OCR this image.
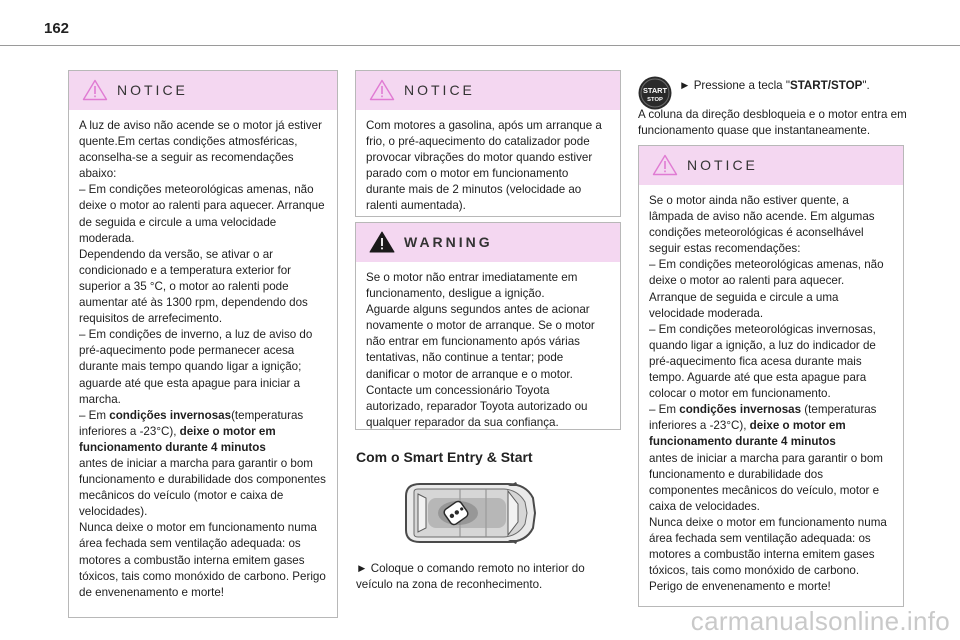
162
NOTICE

A luz de aviso não acende se o motor já estiver quente.Em certas condições atmosféricas, aconselha-se a seguir as recomendações abaixo:

– Em condições meteorológicas amenas, não deixe o motor ao ralenti para aquecer. Arranque de seguida e circule a uma velocidade moderada.

Dependendo da versão, se ativar o ar condicionado e a temperatura exterior for superior a 35 °C, o motor ao ralenti pode aumentar até às 1300 rpm, dependendo dos requisitos de arrefecimento.

– Em condições de inverno, a luz de aviso do pré-aquecimento pode permanecer acesa durante mais tempo quando ligar a ignição; aguarde até que esta apague para iniciar a marcha.

– Em condições invernosas(temperaturas inferiores a -23°C), deixe o motor em funcionamento durante 4 minutos

antes de iniciar a marcha para garantir o bom funcionamento e durabilidade dos componentes mecânicos do veículo (motor e caixa de velocidades).

Nunca deixe o motor em funcionamento numa área fechada sem ventilação adequada: os motores a combustão interna emitem gases tóxicos, tais como monóxido de carbono. Perigo de envenenamento e morte!

NOTICE

Com motores a gasolina, após um arranque a frio, o pré-aquecimento do catalizador pode provocar vibrações do motor quando estiver parado com o motor em funcionamento durante mais de 2 minutos (velocidade ao ralenti aumentada).

WARNING

Se o motor não entrar imediatamente em funcionamento, desligue a ignição.

Aguarde alguns segundos antes de acionar novamente o motor de arranque. Se o motor não entrar em funcionamento após várias tentativas, não continue a tentar; pode danificar o motor de arranque e o motor.

Contacte um concessionário Toyota autorizado, reparador Toyota autorizado ou qualquer reparador da sua confiança.

Com o Smart Entry & Start
► Coloque o comando remoto no interior do veículo na zona de reconhecimento.
START
STOP
► Pressione a tecla "START/STOP".
A coluna da direção desbloqueia e o motor entra em funcionamento quase que instantaneamente.
NOTICE

Se o motor ainda não estiver quente, a lâmpada de aviso não acende. Em algumas condições meteorológicas é aconselhável seguir estas recomendações:

– Em condições meteorológicas amenas, não deixe o motor ao ralenti para aquecer. Arranque de seguida e circule a uma velocidade moderada.

– Em condições meteorológicas invernosas, quando ligar a ignição, a luz do indicador de pré-aquecimento fica acesa durante mais tempo. Aguarde até que esta apague para colocar o motor em funcionamento.

– Em condições invernosas (temperaturas inferiores a -23°C), deixe o motor em funcionamento durante 4 minutos

antes de iniciar a marcha para garantir o bom funcionamento e durabilidade dos componentes mecânicos do veículo, motor e caixa de velocidades.

Nunca deixe o motor em funcionamento numa área fechada sem ventilação adequada: os motores a combustão interna emitem gases tóxicos, tais como monóxido de carbono. Perigo de envenenamento e morte!

carmanualsonline.info
